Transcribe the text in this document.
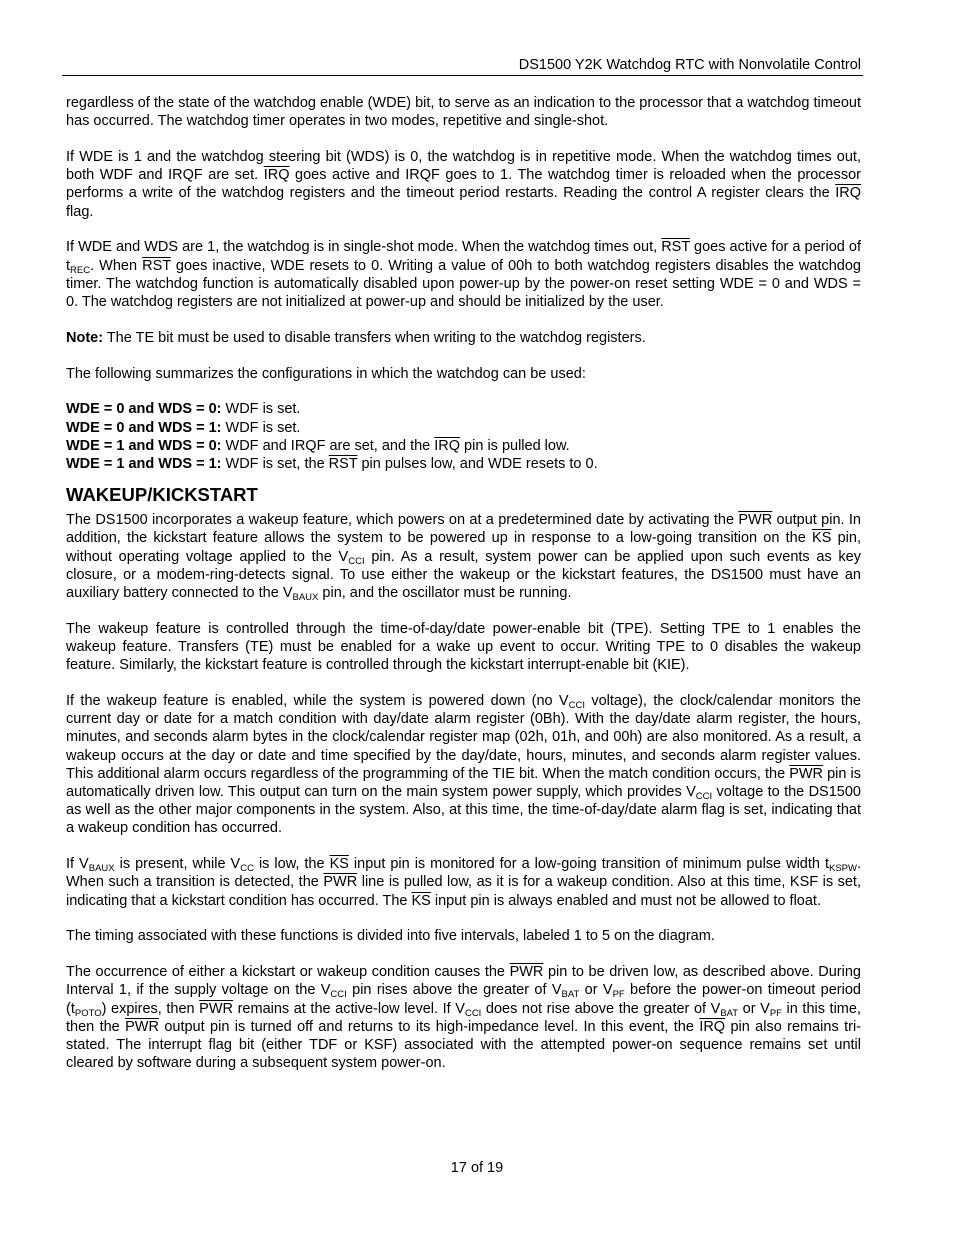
DS1500 Y2K Watchdog RTC with Nonvolatile Control

regardless of the state of the watchdog enable (WDE) bit, to serve as an indication to the processor that a watchdog timeout has occurred. The watchdog timer operates in two modes, repetitive and single-shot.

If WDE is 1 and the watchdog steering bit (WDS) is 0, the watchdog is in repetitive mode. When the watchdog times out, both WDF and IRQF are set. $\overline{IRQ}$ goes active and IRQF goes to 1. The watchdog timer is reloaded when the processor performs a write of the watchdog registers and the timeout period restarts. Reading the control A register clears the $\overline{IRQ}$ flag.

If WDE and WDS are 1, the watchdog is in single-shot mode. When the watchdog times out, $\overline{RST}$ goes active for a period of $t_{REC}$. When $\overline{RST}$ goes inactive, WDE resets to 0. Writing a value of 00h to both watchdog registers disables the watchdog timer. The watchdog function is automatically disabled upon power-up by the power-on reset setting WDE = 0 and WDS = 0. The watchdog registers are not initialized at power-up and should be initialized by the user.

Note: The TE bit must be used to disable transfers when writing to the watchdog registers.

The following summarizes the configurations in which the watchdog can be used:

WDE = 0 and WDS = 0: WDF is set.

WDE = 0 and WDS = 1: WDF is set.

WDE = 1 and WDS = 0: WDF and IRQF are set, and the $\overline{IRQ}$ pin is pulled low.

WDE = 1 and WDS = 1: WDF is set, the $\overline{RST}$ pin pulses low, and WDE resets to 0.

WAKEUP/KICKSTART

The DS1500 incorporates a wakeup feature, which powers on at a predetermined date by activating the $\overline{PWR}$ output pin. In addition, the kickstart feature allows the system to be powered up in response to a low-going transition on the $\overline{KS}$ pin, without operating voltage applied to the $V_{CCI}$ pin. As a result, system power can be applied upon such events as key closure, or a modem-ring-detects signal. To use either the wakeup or the kickstart features, the DS1500 must have an auxiliary battery connected to the $V_{BAUX}$ pin, and the oscillator must be running.

The wakeup feature is controlled through the time-of-day/date power-enable bit (TPE). Setting TPE to 1 enables the wakeup feature. Transfers (TE) must be enabled for a wake up event to occur. Writing TPE to 0 disables the wakeup feature. Similarly, the kickstart feature is controlled through the kickstart interrupt-enable bit (KIE).

If the wakeup feature is enabled, while the system is powered down (no $V_{CCI}$ voltage), the clock/calendar monitors the current day or date for a match condition with day/date alarm register (0Bh). With the day/date alarm register, the hours, minutes, and seconds alarm bytes in the clock/calendar register map (02h, 01h, and 00h) are also monitored. As a result, a wakeup occurs at the day or date and time specified by the day/date, hours, minutes, and seconds alarm register values. This additional alarm occurs regardless of the programming of the TIE bit. When the match condition occurs, the $\overline{PWR}$ pin is automatically driven low. This output can turn on the main system power supply, which provides $V_{CCI}$ voltage to the DS1500 as well as the other major components in the system. Also, at this time, the time-of-day/date alarm flag is set, indicating that a wakeup condition has occurred.

If $V_{BAUX}$ is present, while $V_{CC}$ is low, the $\overline{KS}$ input pin is monitored for a low-going transition of minimum pulse width $t_{KSPW}$. When such a transition is detected, the $\overline{PWR}$ line is pulled low, as it is for a wakeup condition. Also at this time, KSF is set, indicating that a kickstart condition has occurred. The $\overline{KS}$ input pin is always enabled and must not be allowed to float.

The timing associated with these functions is divided into five intervals, labeled 1 to 5 on the diagram.

The occurrence of either a kickstart or wakeup condition causes the $\overline{PWR}$ pin to be driven low, as described above. During Interval 1, if the supply voltage on the $V_{CCI}$ pin rises above the greater of $V_{BAT}$ or $V_{PF}$ before the power-on timeout period $(t_{POTO})$ expires, then $\overline{PWR}$ remains at the active-low level. If $V_{CCI}$ does not rise above the greater of $V_{BAT}$ or $V_{PF}$ in this time, then the $\overline{PWR}$ output pin is turned off and returns to its high-impedance level. In this event, the $\overline{IRQ}$ pin also remains tri-stated. The interrupt flag bit (either TDF or KSF) associated with the attempted power-on sequence remains set until cleared by software during a subsequent system power-on.

17 of 19
